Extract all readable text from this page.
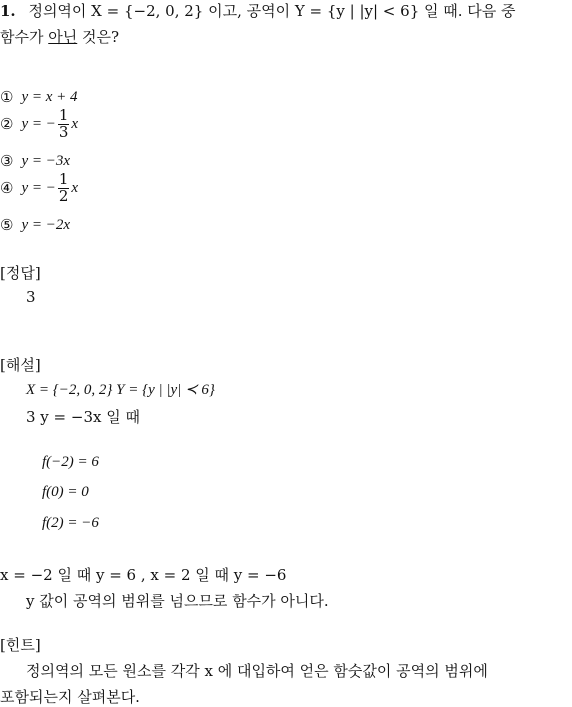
1. 정의역이 X = {−2, 0, 2} 이고, 공역이 Y = {y | |y| < 6} 일 때. 다음 중
함수가 아닌 것은?
① y = x + 4
② y = − $\frac{1}{3}$ x
③ y = −3x
④ y = − $\frac{1}{2}$ x
⑤ y = −2x
[정답]
3
[해설]
X = {−2, 0, 2} Y = {y | |y| ≺ 6}
3 y = −3x 일 때
f(−2) = 6
f(0) = 0
f(2) = −6
x = −2 일 때 y = 6 , x = 2 일 때 y = −6
y 값이 공역의 범위를 넘으므로 함수가 아니다.
[힌트]
정의역의 모든 원소를 각각 x 에 대입하여 얻은 함숫값이 공역의 범위에
포함되는지 살펴본다.
